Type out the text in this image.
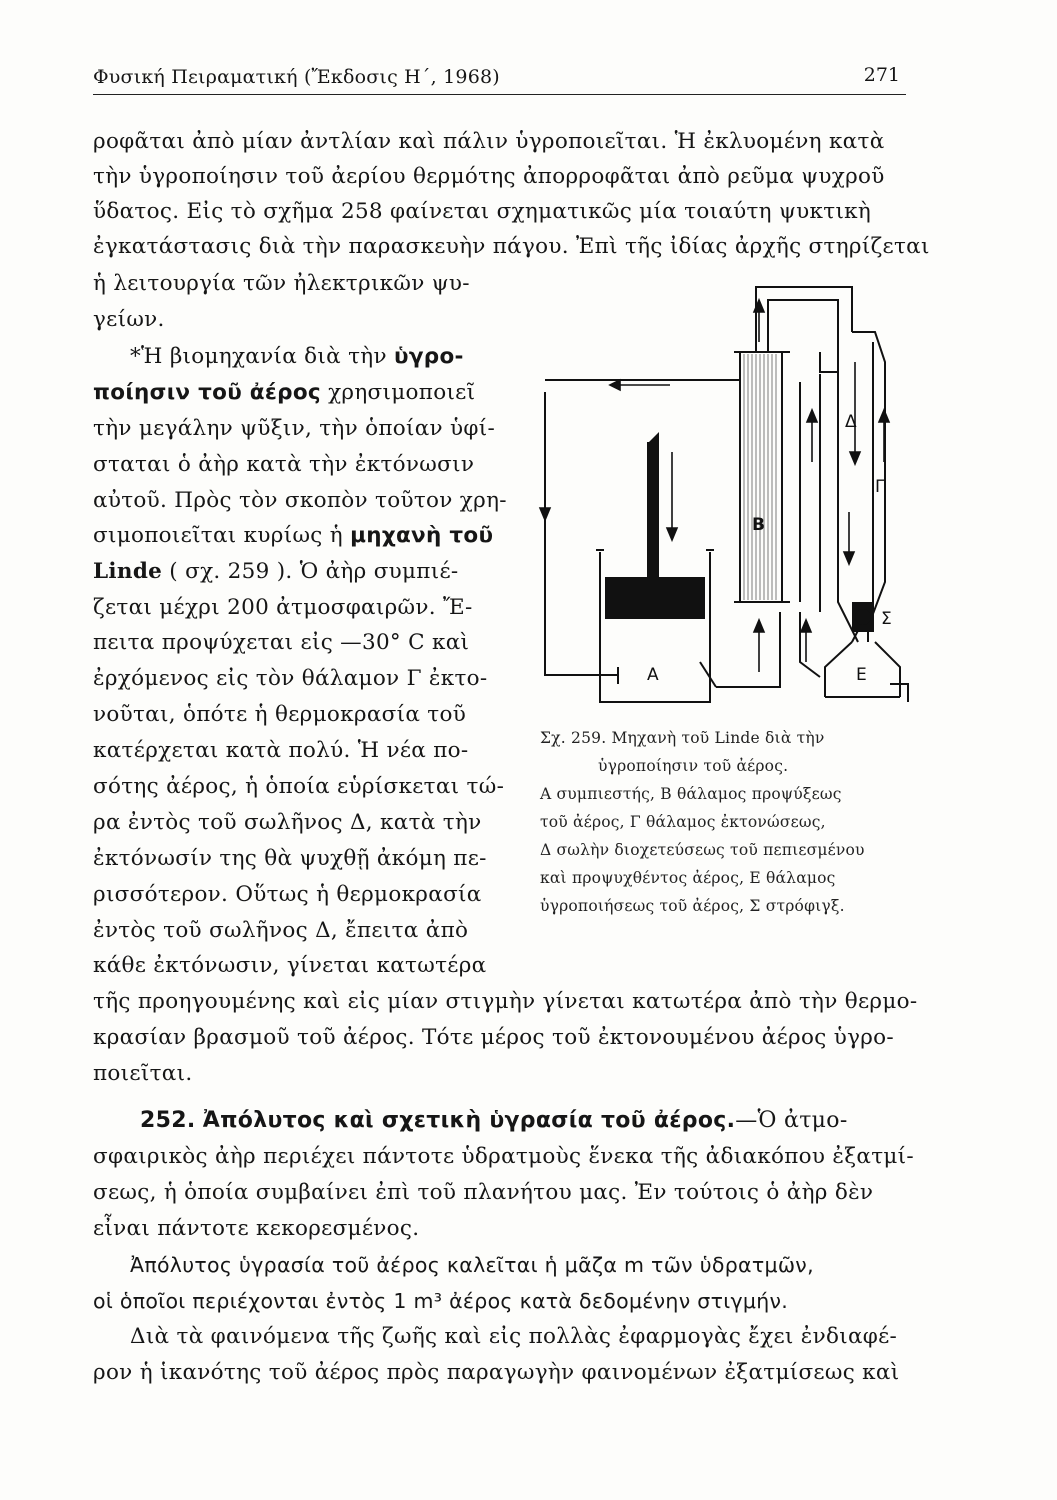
Φυσική Πειραματική (Ἔκδοσις Η΄, 1968)	271
ροφᾶται ἀπὸ μίαν ἀντλίαν καὶ πάλιν ὑγροποιεῖται. Ἡ ἐκλυομένη κατὰ
τὴν ὑγροποίησιν τοῦ ἀερίου θερμότης ἀπορροφᾶται ἀπὸ ρεῦμα ψυχροῦ
ὕδατος. Εἰς τὸ σχῆμα 258 φαίνεται σχηματικῶς μία τοιαύτη ψυκτικὴ
ἐγκατάστασις διὰ τὴν παρασκευὴν πάγου. Ἐπὶ τῆς ἰδίας ἀρχῆς στηρίζεται
ἡ λειτουργία τῶν ἠλεκτρικῶν ψυ-
γείων.
*Ἡ βιομηχανία διὰ τὴν ὑγρο-
ποίησιν τοῦ ἀέρος χρησιμοποιεῖ
τὴν μεγάλην ψῦξιν, τὴν ὁποίαν ὑφί-
σταται ὁ ἀὴρ κατὰ τὴν ἐκτόνωσιν
αὐτοῦ. Πρὸς τὸν σκοπὸν τοῦτον χρη-
σιμοποιεῖται κυρίως ἡ μηχανὴ τοῦ
Linde ( σχ. 259 ). Ὁ ἀὴρ συμπιέ-
ζεται μέχρι 200 ἀτμοσφαιρῶν. Ἔ-
πειτα προψύχεται εἰς —30° C καὶ
ἐρχόμενος εἰς τὸν θάλαμον Γ ἐκτο-
νοῦται, ὁπότε ἡ θερμοκρασία τοῦ
κατέρχεται κατὰ πολύ. Ἡ νέα πο-
σότης ἀέρος, ἡ ὁποία εὑρίσκεται τώ-
ρα ἐντὸς τοῦ σωλῆνος Δ, κατὰ τὴν
ἐκτόνωσίν της θὰ ψυχθῇ ἀκόμη πε-
ρισσότερον. Οὕτως ἡ θερμοκρασία
ἐντὸς τοῦ σωλῆνος Δ, ἔπειτα ἀπὸ
κάθε ἐκτόνωσιν, γίνεται κατωτέρα
A
B
Γ
Δ
E
Σ
Σχ. 259. Μηχανὴ τοῦ Linde διὰ τὴν
ὑγροποίησιν τοῦ ἀέρος.
Α συμπιεστής, Β θάλαμος προψύξεως
τοῦ ἀέρος, Γ θάλαμος ἐκτονώσεως,
Δ σωλὴν διοχετεύσεως τοῦ πεπιεσμένου
καὶ προψυχθέντος ἀέρος, Ε θάλαμος
ὑγροποιήσεως τοῦ ἀέρος, Σ στρόφιγξ.
τῆς προηγουμένης καὶ εἰς μίαν στιγμὴν γίνεται κατωτέρα ἀπὸ τὴν θερμο-
κρασίαν βρασμοῦ τοῦ ἀέρος. Τότε μέρος τοῦ ἐκτονουμένου ἀέρος ὑγρο-
ποιεῖται.
252. Ἀπόλυτος καὶ σχετικὴ ὑγρασία τοῦ ἀέρος.—Ὁ ἀτμο-
σφαιρικὸς ἀὴρ περιέχει πάντοτε ὑδρατμοὺς ἕνεκα τῆς ἀδιακόπου ἐξατμί-
σεως, ἡ ὁποία συμβαίνει ἐπὶ τοῦ πλανήτου μας. Ἐν τούτοις ὁ ἀὴρ δὲν
εἶναι πάντοτε κεκορεσμένος.
Ἀπόλυτος ὑγρασία τοῦ ἀέρος καλεῖται ἡ μᾶζα m τῶν ὑδρατμῶν,
οἱ ὁποῖοι περιέχονται ἐντὸς 1 m³ ἀέρος κατὰ δεδομένην στιγμήν.
Διὰ τὰ φαινόμενα τῆς ζωῆς καὶ εἰς πολλὰς ἐφαρμογὰς ἔχει ἐνδιαφέ-
ρον ἡ ἱκανότης τοῦ ἀέρος πρὸς παραγωγὴν φαινομένων ἐξατμίσεως καὶ
